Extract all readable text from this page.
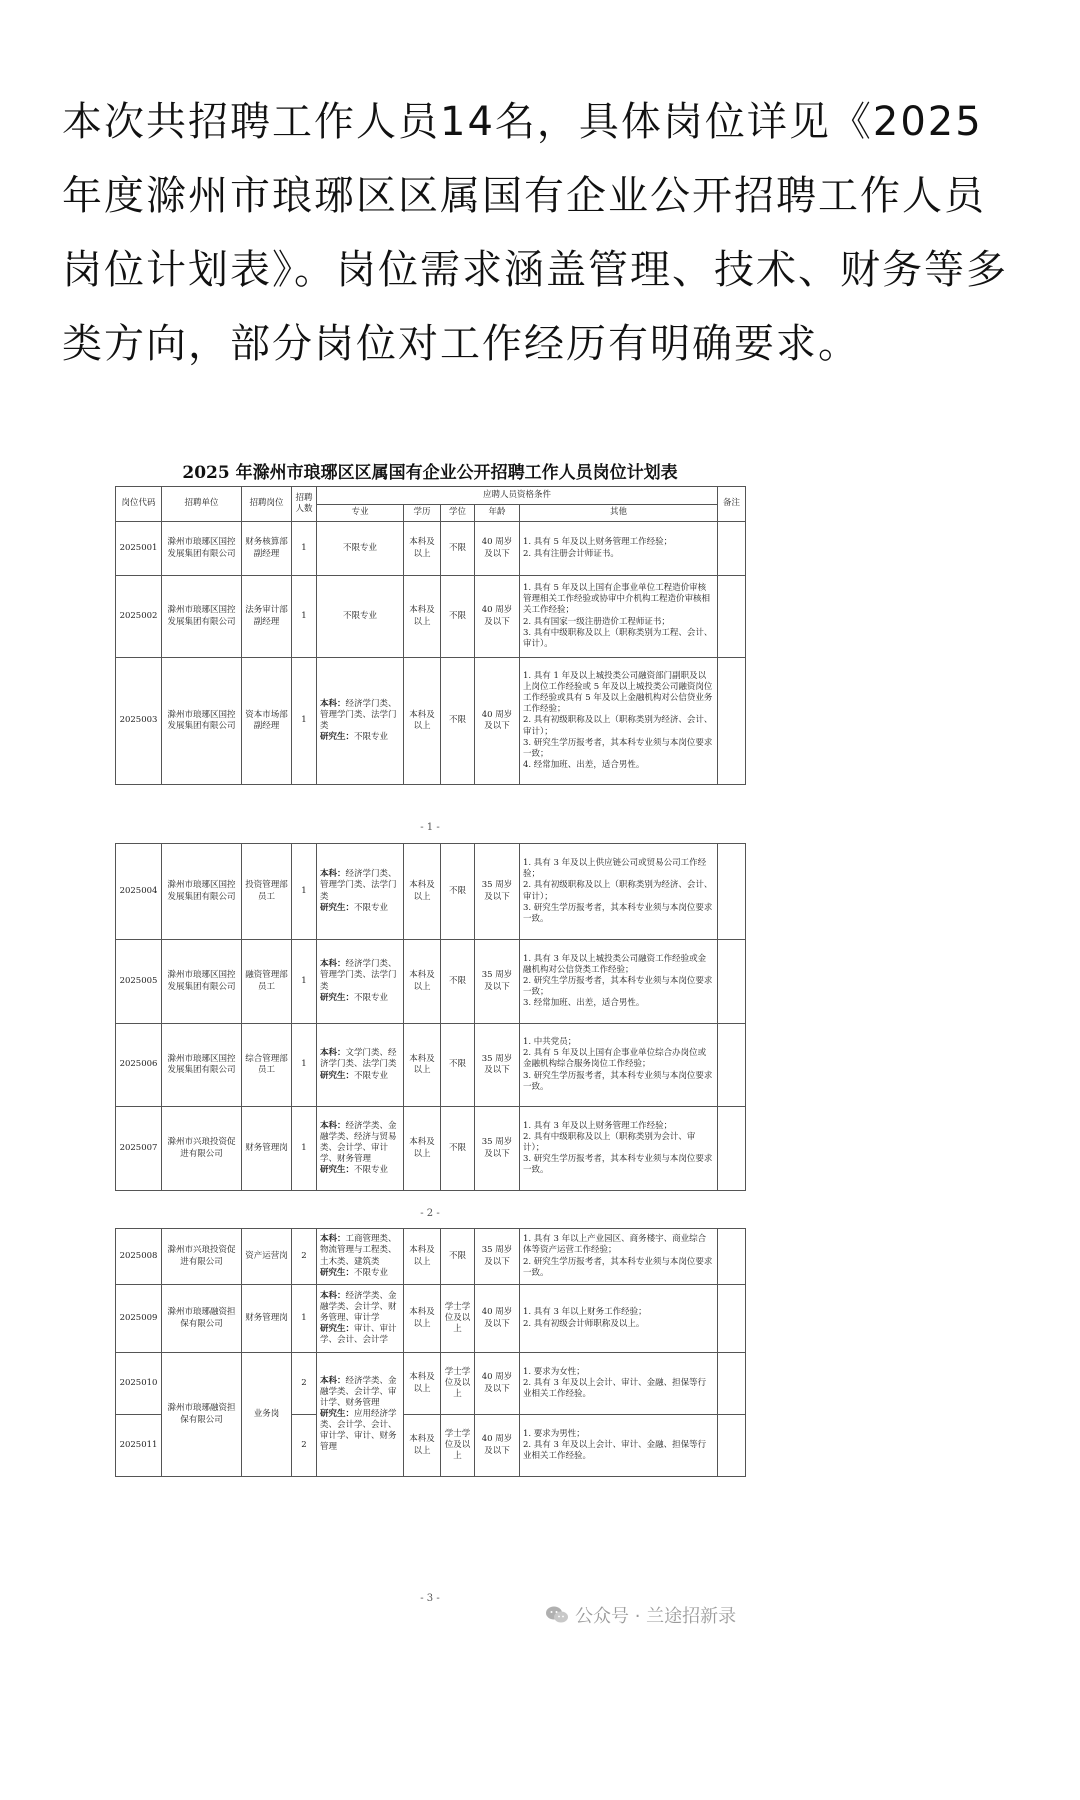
本次共招聘工作人员14名，具体岗位详见《2025年度滁州市琅琊区区属国有企业公开招聘工作人员岗位计划表》。岗位需求涵盖管理、技术、财务等多类方向，部分岗位对工作经历有明确要求。

2025 年滁州市琅琊区区属国有企业公开招聘工作人员岗位计划表
岗位代码	招聘单位	招聘岗位	招聘人数	应聘人员资格条件					备注
				专业	学历	学位	年龄	其他	
2025001	滁州市琅琊区国控发展集团有限公司	财务核算部副经理	1	不限专业	本科及以上	不限	40 周岁及以下	1. 具有 5 年及以上财务管理工作经验；
2. 具有注册会计师证书。	
2025002	滁州市琅琊区国控发展集团有限公司	法务审计部副经理	1	不限专业	本科及以上	不限	40 周岁及以下	1. 具有 5 年及以上国有企事业单位工程造价审核管理相关工作经验或协审中介机构工程造价审核相关工作经验；
2. 具有国家一级注册造价工程师证书；
3. 具有中级职称及以上（职称类别为工程、会计、审计）。	
2025003	滁州市琅琊区国控发展集团有限公司	资本市场部副经理	1	本科：经济学门类、管理学门类、法学门类
研究生：不限专业	本科及以上	不限	40 周岁及以下	1. 具有 1 年及以上城投类公司融资部门副职及以上岗位工作经验或 5 年及以上城投类公司融资岗位工作经验或具有 5 年及以上金融机构对公信贷业务工作经验；
2. 具有初级职称及以上（职称类别为经济、会计、审计）；
3. 研究生学历报考者，其本科专业须与本岗位要求一致；
4. 经常加班、出差，适合男性。	
- 1 -
2025004	滁州市琅琊区国控发展集团有限公司	投资管理部员工	1	本科：经济学门类、管理学门类、法学门类
研究生：不限专业	本科及以上	不限	35 周岁及以下	1. 具有 3 年及以上供应链公司或贸易公司工作经验；
2. 具有初级职称及以上（职称类别为经济、会计、审计）；
3. 研究生学历报考者，其本科专业须与本岗位要求一致。	
2025005	滁州市琅琊区国控发展集团有限公司	融资管理部员工	1	本科：经济学门类、管理学门类、法学门类
研究生：不限专业	本科及以上	不限	35 周岁及以下	1. 具有 3 年及以上城投类公司融资工作经验或金融机构对公信贷类工作经验；
2. 研究生学历报考者，其本科专业须与本岗位要求一致；
3. 经常加班、出差，适合男性。	
2025006	滁州市琅琊区国控发展集团有限公司	综合管理部员工	1	本科：文学门类、经济学门类、法学门类
研究生：不限专业	本科及以上	不限	35 周岁及以下	1. 中共党员；
2. 具有 5 年及以上国有企事业单位综合办岗位或金融机构综合服务岗位工作经验；
3. 研究生学历报考者，其本科专业须与本岗位要求一致。	
2025007	滁州市兴琅投资促进有限公司	财务管理岗	1	本科：经济学类、金融学类、经济与贸易类、会计学、审计学、财务管理
研究生：不限专业	本科及以上	不限	35 周岁及以下	1. 具有 3 年及以上财务管理工作经验；
2. 具有中级职称及以上（职称类别为会计、审计）；
3. 研究生学历报考者，其本科专业须与本岗位要求一致。	
- 2 -
2025008	滁州市兴琅投资促进有限公司	资产运营岗	2	本科：工商管理类、物流管理与工程类、土木类、建筑类
研究生：不限专业	本科及以上	不限	35 周岁及以下	1. 具有 3 年以上产业园区、商务楼宇、商业综合体等资产运营工作经验；
2. 研究生学历报考者，其本科专业须与本岗位要求一致。	
2025009	滁州市琅琊融资担保有限公司	财务管理岗	1	本科：经济学类、金融学类、会计学、财务管理、审计学
研究生：审计、审计学、会计、会计学	本科及以上	学士学位及以上	40 周岁及以下	1. 具有 3 年以上财务工作经验；
2. 具有初级会计师职称及以上。	
2025010	滁州市琅琊融资担保有限公司	业务岗	2	本科：经济学类、金融学类、会计学、审计学、财务管理
研究生：应用经济学类、会计学、会计、审计学、审计、财务管理	本科及以上	学士学位及以上	40 周岁及以下	1. 要求为女性；
2. 具有 3 年及以上会计、审计、金融、担保等行业相关工作经验。	
2025011			2		本科及以上	学士学位及以上	40 周岁及以下	1. 要求为男性；
2. 具有 3 年及以上会计、审计、金融、担保等行业相关工作经验。	
- 3 -
公众号 · 兰途招新录
